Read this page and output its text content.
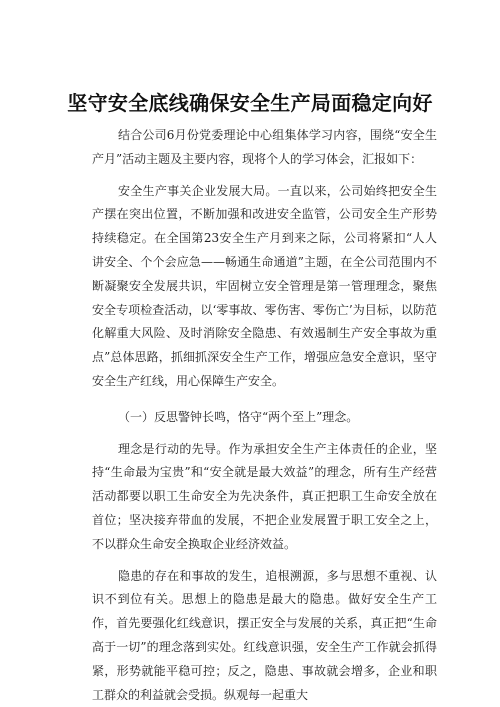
坚守安全底线确保安全生产局面稳定向好

结合公司6月份党委理论中心组集体学习内容，围绕“安全生产月”活动主题及主要内容，现将个人的学习体会，汇报如下：

安全生产事关企业发展大局。一直以来，公司始终把安全生产摆在突出位置，不断加强和改进安全监管，公司安全生产形势持续稳定。在全国第23安全生产月到来之际，公司将紧扣“人人讲安全、个个会应急——畅通生命通道”主题，在全公司范围内不断凝聚安全发展共识，牢固树立安全管理是第一管理理念，聚焦安全专项检查活动，以‘零事故、零伤害、零伤亡’为目标，以防范化解重大风险、及时消除安全隐患、有效遏制生产安全事故为重点”总体思路，抓细抓深安全生产工作，增强应急安全意识，坚守安全生产红线，用心保障生产安全。

（一）反思警钟长鸣，恪守“两个至上”理念。

理念是行动的先导。作为承担安全生产主体责任的企业，坚持“生命最为宝贵”和“安全就是最大效益”的理念，所有生产经营活动都要以职工生命安全为先决条件，真正把职工生命安全放在首位；坚决接弃带血的发展，不把企业发展置于职工安全之上，不以群众生命安全换取企业经济效益。

隐患的存在和事故的发生，追根溯源，多与思想不重视、认识不到位有关。思想上的隐患是最大的隐患。做好安全生产工作，首先要强化红线意识，摆正安全与发展的关系，真正把“生命高于一切”的理念落到实处。红线意识强，安全生产工作就会抓得紧，形势就能平稳可控；反之，隐患、事故就会增多，企业和职工群众的利益就会受损。纵观每一起重大
